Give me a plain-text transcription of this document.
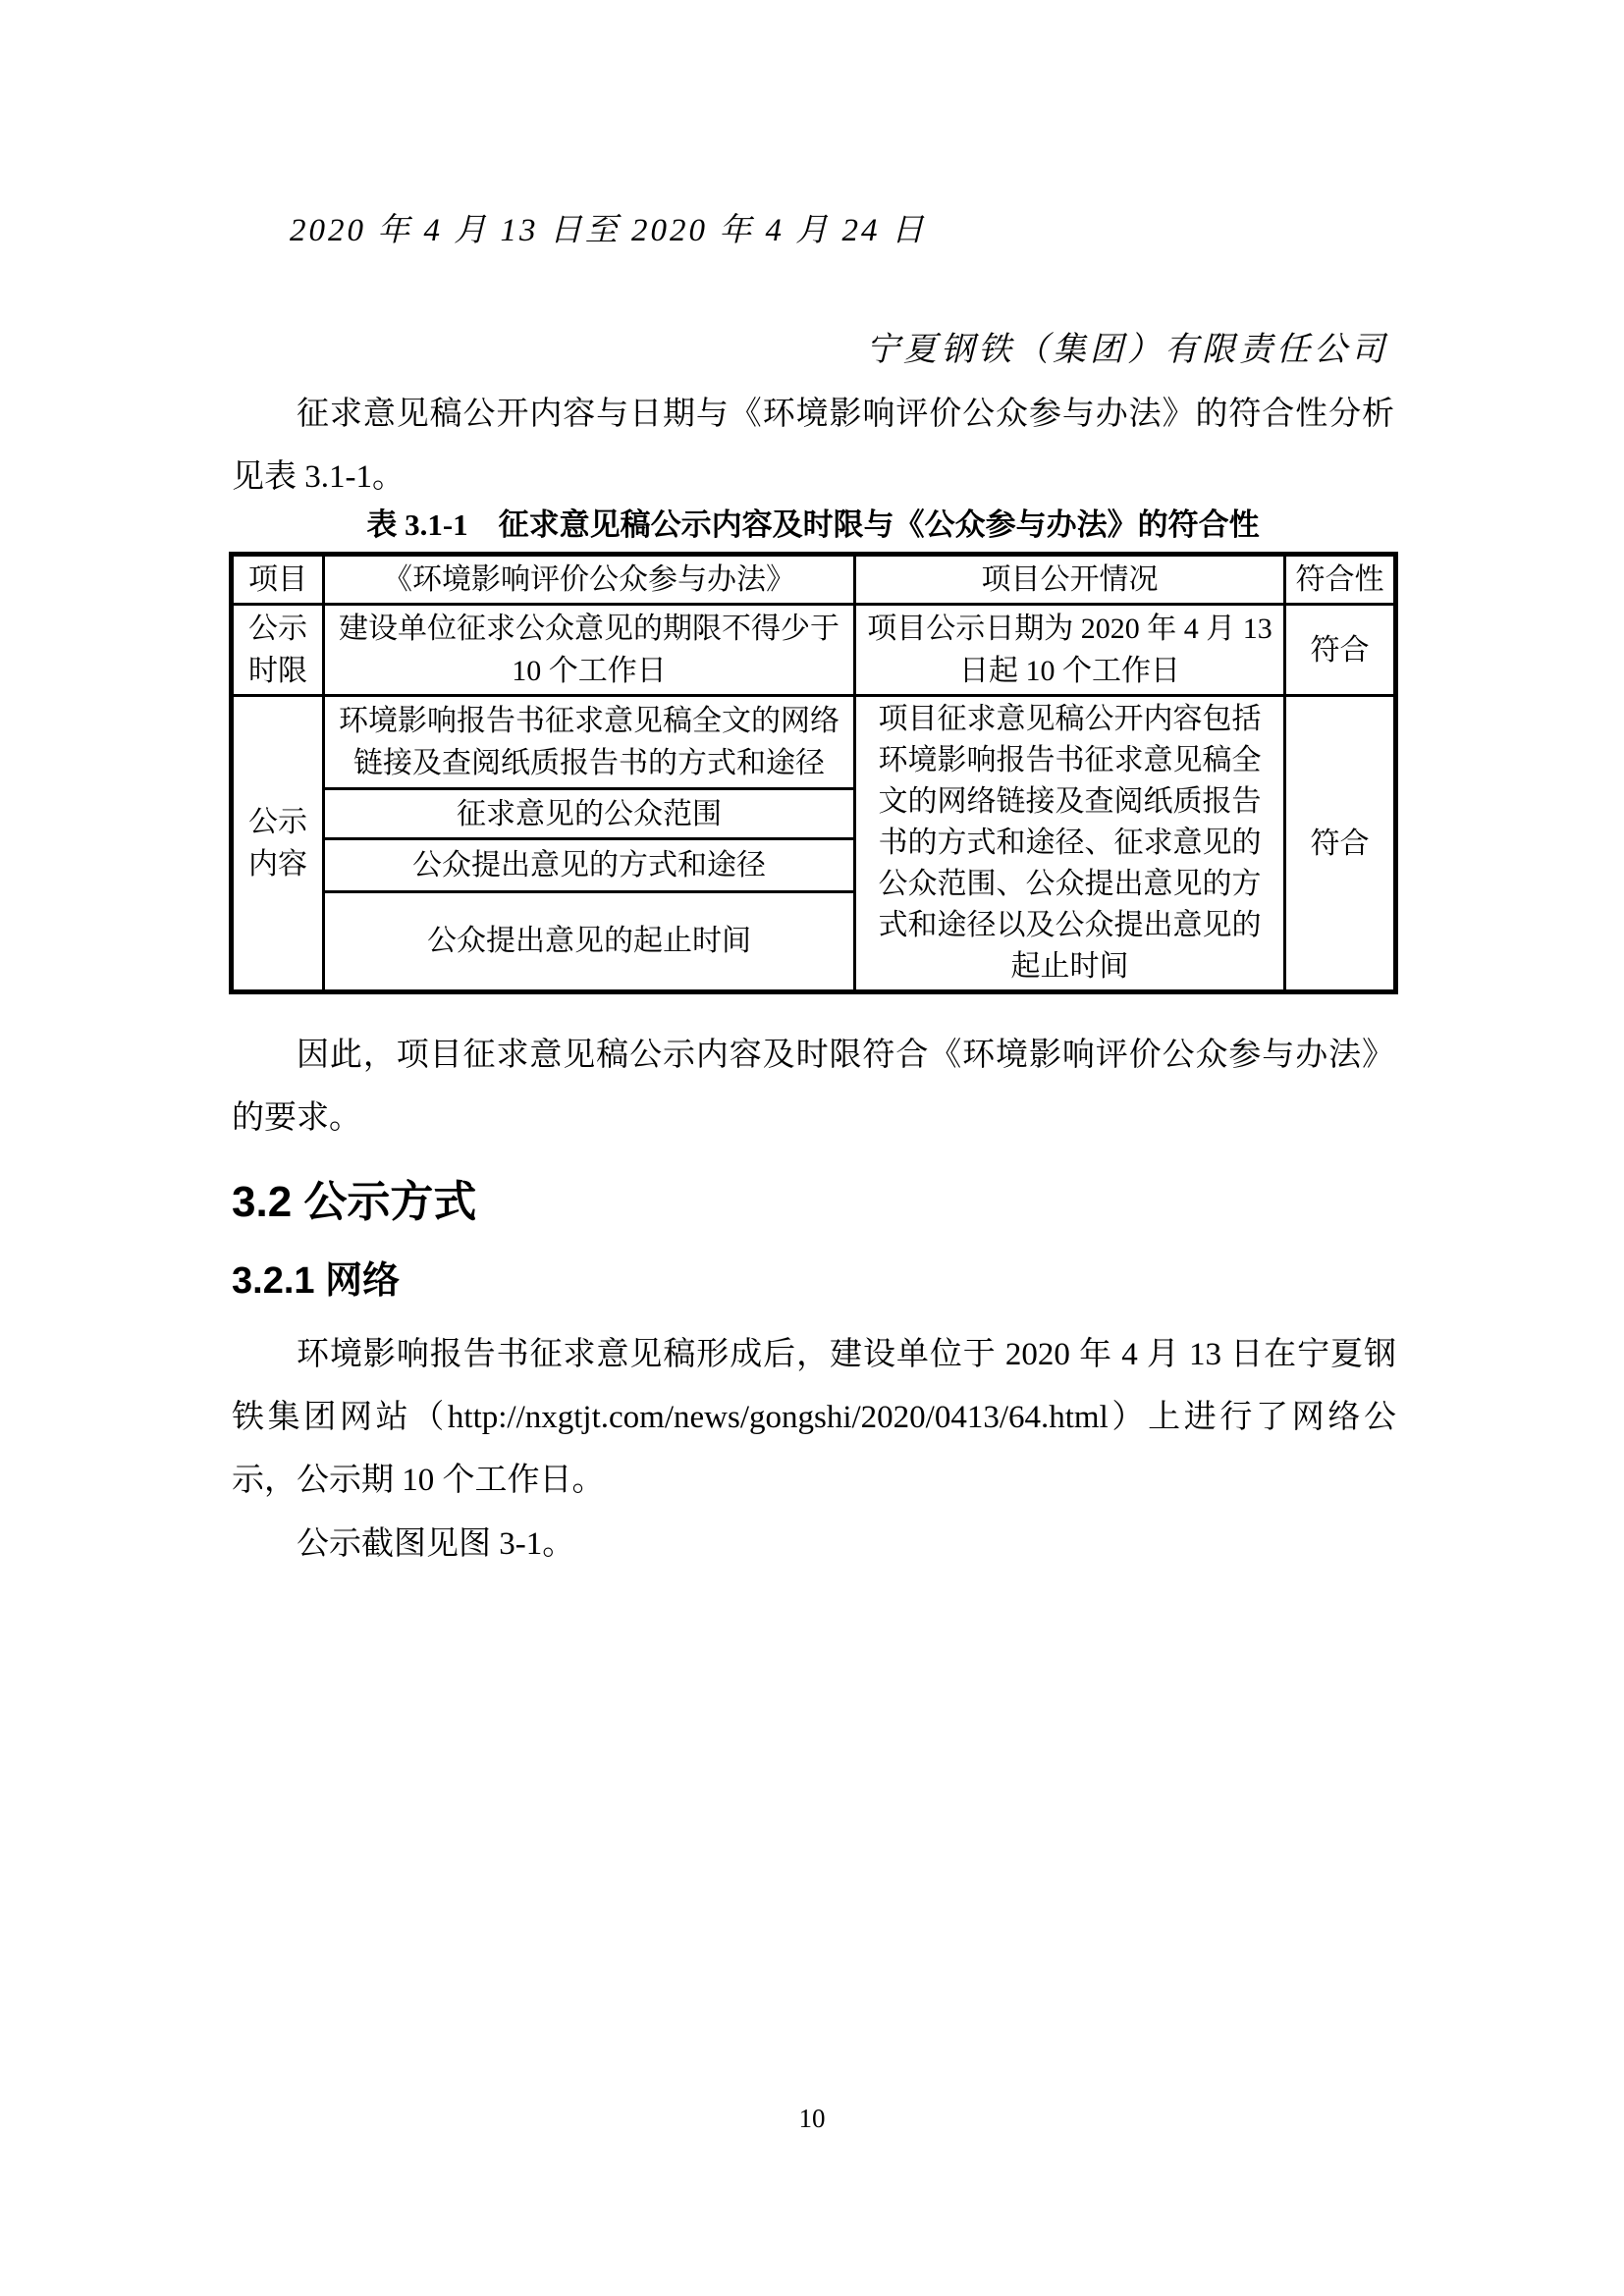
2020 年 4 月 13 日至 2020 年 4 月 24 日
宁夏钢铁（集团）有限责任公司
征求意见稿公开内容与日期与《环境影响评价公众参与办法》的符合性分析见表 3.1-1。
表 3.1-1　征求意见稿公示内容及时限与《公众参与办法》的符合性
项目	《环境影响评价公众参与办法》	项目公开情况	符合性
公示时限	建设单位征求公众意见的期限不得少于 10 个工作日	项目公示日期为 2020 年 4 月 13 日起 10 个工作日	符合
公示内容	环境影响报告书征求意见稿全文的网络链接及查阅纸质报告书的方式和途径	项目征求意见稿公开内容包括环境影响报告书征求意见稿全文的网络链接及查阅纸质报告书的方式和途径、征求意见的公众范围、公众提出意见的方式和途径以及公众提出意见的起止时间	符合
	征求意见的公众范围		
	公众提出意见的方式和途径		
	公众提出意见的起止时间		
因此，项目征求意见稿公示内容及时限符合《环境影响评价公众参与办法》的要求。
3.2 公示方式
3.2.1 网络
环境影响报告书征求意见稿形成后，建设单位于 2020 年 4 月 13 日在宁夏钢铁集团网站（http://nxgtjt.com/news/gongshi/2020/0413/64.html）上进行了网络公示，公示期 10 个工作日。
公示截图见图 3-1。
10
